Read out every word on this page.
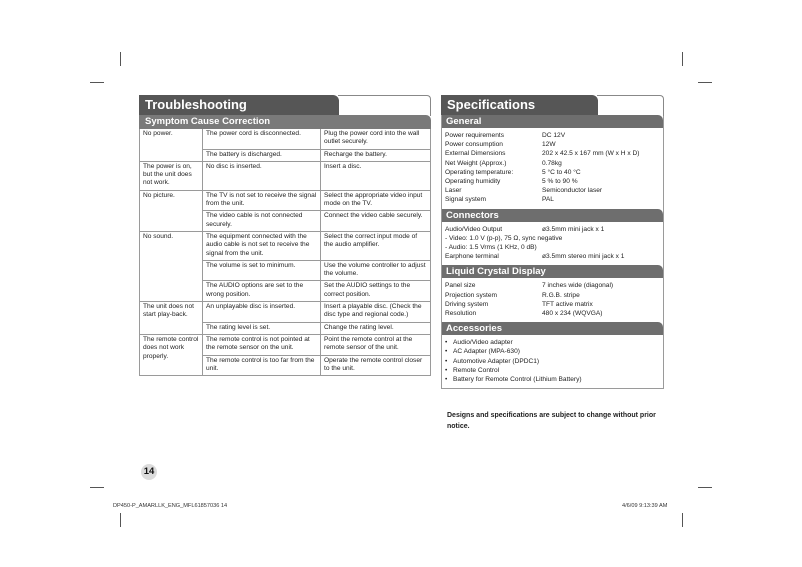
Troubleshooting
Symptom Cause Correction
No power.	The power cord is disconnected.	Plug the power cord into the wall outlet securely.
	The battery is discharged.	Recharge the battery.
The power is on, but the unit does not work.	No disc is inserted.	Insert a disc.
No picture.	The TV is not set to receive the signal from the unit.	Select the appropriate video input mode on the TV.
	The video cable is not connected securely.	Connect the video cable securely.
No sound.	The equipment connected with the audio cable is not set to receive the signal from the unit.	Select the correct input mode of the audio amplifier.
	The volume is set to minimum.	Use the volume controller to adjust the volume.
	The AUDIO options are set to the wrong position.	Set the AUDIO settings to the correct position.
The unit does not start play-back.	An unplayable disc is inserted.	Insert a playable disc. (Check the disc type and regional code.)
	The rating level is set.	Change the rating level.
The remote control does not work properly.	The remote control is not pointed at the remote sensor on the unit.	Point the remote control at the remote sensor of the unit.
	The remote control is too far from the unit.	Operate the remote control closer to the unit.
Specifications
General
Power requirements	DC 12V
Power consumption	12W
External Dimensions	202 x 42.5 x 167 mm (W x H x D)
Net Weight (Approx.)	0.78kg
Operating temperature:	5 °C to 40 °C
Operating humidity	5 % to 90 %
Laser	Semiconductor laser
Signal system	PAL
Connectors
Audio/Video Output	ø3.5mm mini jack x 1
- Video: 1.0 V (p-p), 75 Ω, sync negative
- Audio: 1.5 Vrms (1 KHz, 0 dB)
Earphone terminal	ø3.5mm stereo mini jack x 1
Liquid Crystal Display
Panel size	7 inches wide (diagonal)
Projection system	R.G.B. stripe
Driving system	TFT active matrix
Resolution	480 x 234 (WQVGA)
Accessories
• Audio/Video adapter
• AC Adapter (MPA-630)
• Automotive Adapter (DPDC1)
• Remote Control
• Battery for Remote Control (Lithium Battery)
Designs and specifications are subject to change without prior notice.
14
DP450-P_AMARLLK_ENG_MFL61857036 14	4/6/09 9:13:39 AM
